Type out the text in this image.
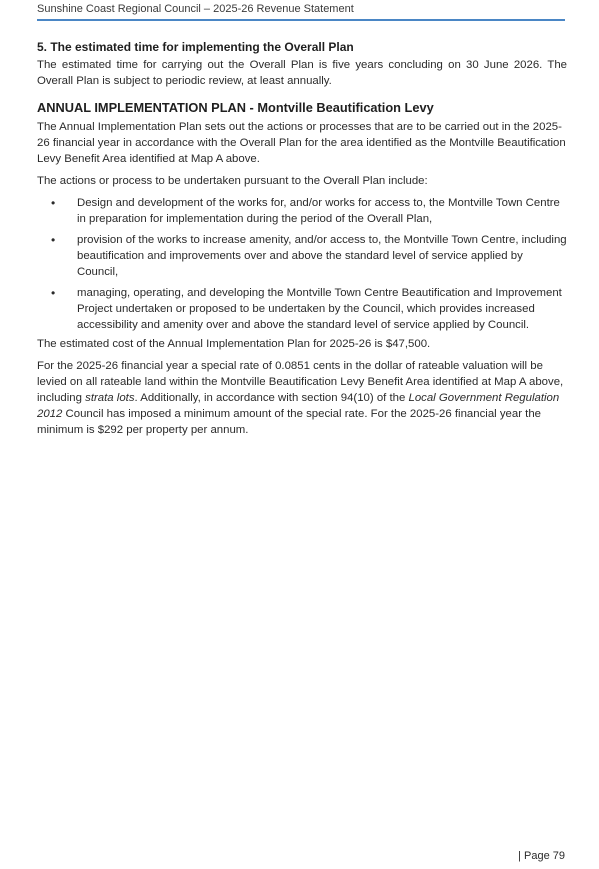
Sunshine Coast Regional Council – 2025-26 Revenue Statement
5. The estimated time for implementing the Overall Plan

The estimated time for carrying out the Overall Plan is five years concluding on 30 June 2026. The Overall Plan is subject to periodic review, at least annually.

ANNUAL IMPLEMENTATION PLAN - Montville Beautification Levy

The Annual Implementation Plan sets out the actions or processes that are to be carried out in the 2025-26 financial year in accordance with the Overall Plan for the area identified as the Montville Beautification Levy Benefit Area identified at Map A above.

The actions or process to be undertaken pursuant to the Overall Plan include:

• Design and development of the works for, and/or works for access to, the Montville Town Centre in preparation for implementation during the period of the Overall Plan,
• provision of the works to increase amenity, and/or access to, the Montville Town Centre, including beautification and improvements over and above the standard level of service applied by Council,
• managing, operating, and developing the Montville Town Centre Beautification and Improvement Project undertaken or proposed to be undertaken by the Council, which provides increased accessibility and amenity over and above the standard level of service applied by Council.

The estimated cost of the Annual Implementation Plan for 2025-26 is $47,500.

For the 2025-26 financial year a special rate of 0.0851 cents in the dollar of rateable valuation will be levied on all rateable land within the Montville Beautification Levy Benefit Area identified at Map A above, including strata lots. Additionally, in accordance with section 94(10) of the Local Government Regulation 2012 Council has imposed a minimum amount of the special rate. For the 2025-26 financial year the minimum is $292 per property per annum.

| Page 79
